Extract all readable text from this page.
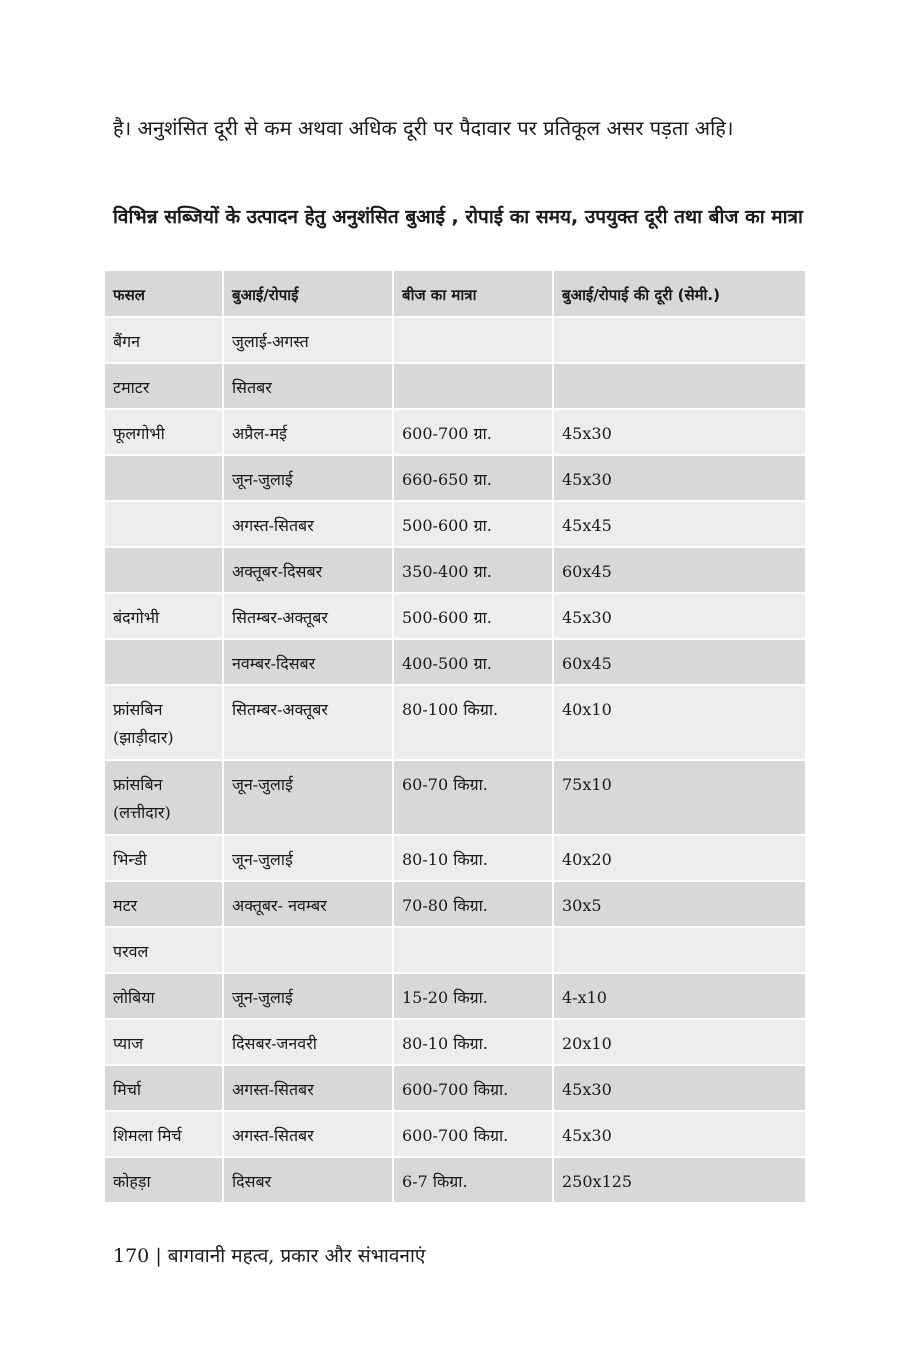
है। अनुशंसित दूरी से कम अथवा अधिक दूरी पर पैदावार पर प्रतिकूल असर पड़ता अहि।

विभिन्न सब्जियों के उत्पादन हेतु अनुशंसित बुआई , रोपाई का समय, उपयुक्त दूरी तथा बीज का मात्रा
फसल	बुआई/रोपाई	बीज का मात्रा	बुआई/रोपाई की दूरी (सेमी.)
बैंगन	जुलाई-अगस्त		
टमाटर	सितबर		
फूलगोभी	अप्रैल-मई	600-700 ग्रा.	45x30
	जून-जुलाई	660-650 ग्रा.	45x30
	अगस्त-सितबर	500-600 ग्रा.	45x45
	अक्तूबर-दिसबर	350-400 ग्रा.	60x45
बंदगोभी	सितम्बर-अक्तूबर	500-600 ग्रा.	45x30
	नवम्बर-दिसबर	400-500 ग्रा.	60x45
फ्रांसबिन (झाड़ीदार)	सितम्बर-अक्तूबर	80-100 किग्रा.	40x10
फ्रांसबिन (लत्तीदार)	जून-जुलाई	60-70 किग्रा.	75x10
भिन्डी	जून-जुलाई	80-10 किग्रा.	40x20
मटर	अक्तूबर- नवम्बर	70-80 किग्रा.	30x5
परवल			
लोबिया	जून-जुलाई	15-20 किग्रा.	4-x10
प्याज	दिसबर-जनवरी	80-10 किग्रा.	20x10
मिर्चा	अगस्त-सितबर	600-700 किग्रा.	45x30
शिमला मिर्च	अगस्त-सितबर	600-700 किग्रा.	45x30
कोहड़ा	दिसबर	6-7 किग्रा.	250x125

170 | बागवानी महत्व, प्रकार और संभावनाएं
